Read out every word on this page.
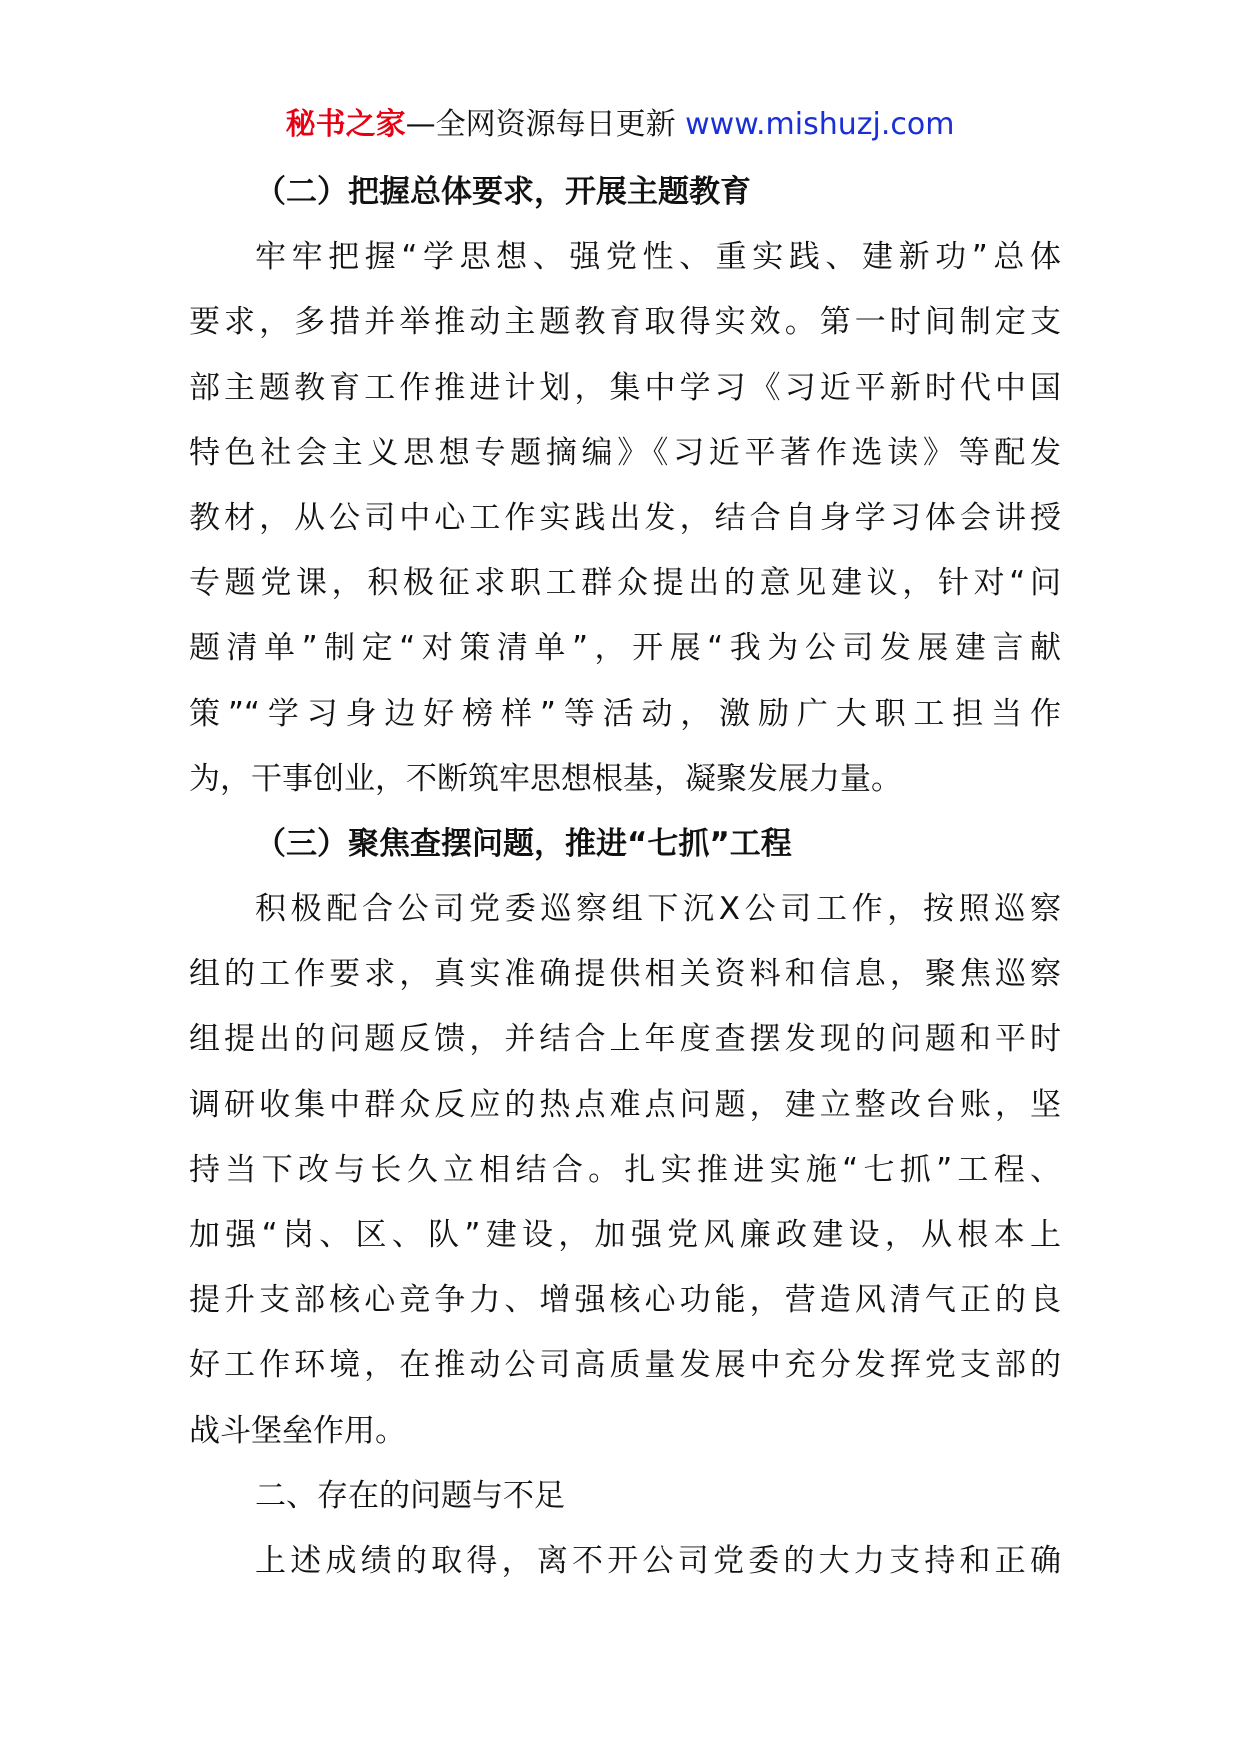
秘书之家—全网资源每日更新 www.mishuzj.com
（二）把握总体要求，开展主题教育
牢牢把握“学思想、强党性、重实践、建新功”总体
要求，多措并举推动主题教育取得实效。第一时间制定支
部主题教育工作推进计划，集中学习《习近平新时代中国
特色社会主义思想专题摘编》《习近平著作选读》等配发
教材，从公司中心工作实践出发，结合自身学习体会讲授
专题党课，积极征求职工群众提出的意见建议，针对“问
题清单”制定“对策清单”，开展“我为公司发展建言献
策”“学习身边好榜样”等活动，激励广大职工担当作
为，干事创业，不断筑牢思想根基，凝聚发展力量。
（三）聚焦查摆问题，推进“七抓”工程
积极配合公司党委巡察组下沉X公司工作，按照巡察
组的工作要求，真实准确提供相关资料和信息，聚焦巡察
组提出的问题反馈，并结合上年度查摆发现的问题和平时
调研收集中群众反应的热点难点问题，建立整改台账，坚
持当下改与长久立相结合。扎实推进实施“七抓”工程、
加强“岗、区、队”建设，加强党风廉政建设，从根本上
提升支部核心竞争力、增强核心功能，营造风清气正的良
好工作环境，在推动公司高质量发展中充分发挥党支部的
战斗堡垒作用。
二、存在的问题与不足
上述成绩的取得，离不开公司党委的大力支持和正确
